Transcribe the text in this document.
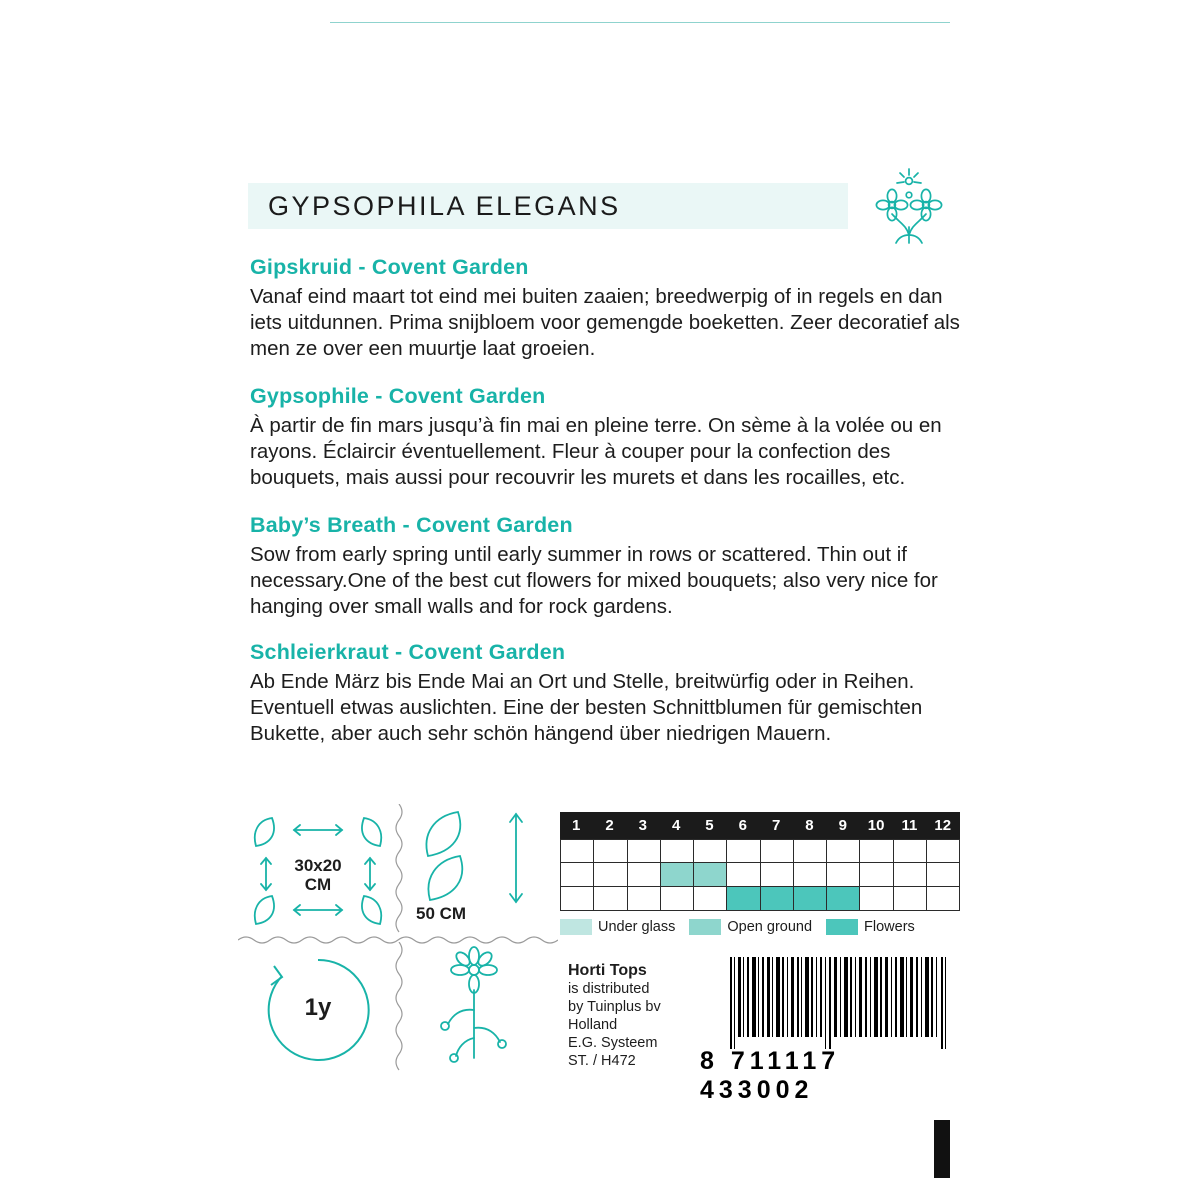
GYPSOPHILA ELEGANS
Gipskruid - Covent Garden

Vanaf eind maart tot eind mei buiten zaaien; breedwerpig of in regels en dan iets uitdunnen. Prima snijbloem voor gemengde boeketten. Zeer decoratief als men ze over een muurtje laat groeien.

Gypsophile - Covent Garden

À partir de fin mars jusqu’à fin mai en pleine terre. On sème à la volée ou en rayons. Éclaircir éventuellement. Fleur à couper pour la confection des bouquets, mais aussi pour recouvrir les murets et dans les rocailles, etc.

Baby’s Breath - Covent Garden

Sow from early spring until early summer in rows or scattered. Thin out if necessary.One of the best cut flowers for mixed bouquets; also very nice for hanging over small walls and for rock gardens.

Schleierkraut - Covent Garden

Ab Ende März bis Ende Mai an Ort und Stelle, breitwürfig oder in Reihen. Eventuell etwas auslichten. Eine der besten Schnittblumen für gemischten Bukette, aber auch sehr schön hängend über niedrigen Mauern.

30x20
CM
50 CM
1y
1	2	3	4	5	6	7	8	9	10	11	12
Under glass	Open ground	Flowers
Horti Tops
is distributed
by Tuinplus bv
Holland
E.G. Systeem
ST. / H472	8 711117 433002
